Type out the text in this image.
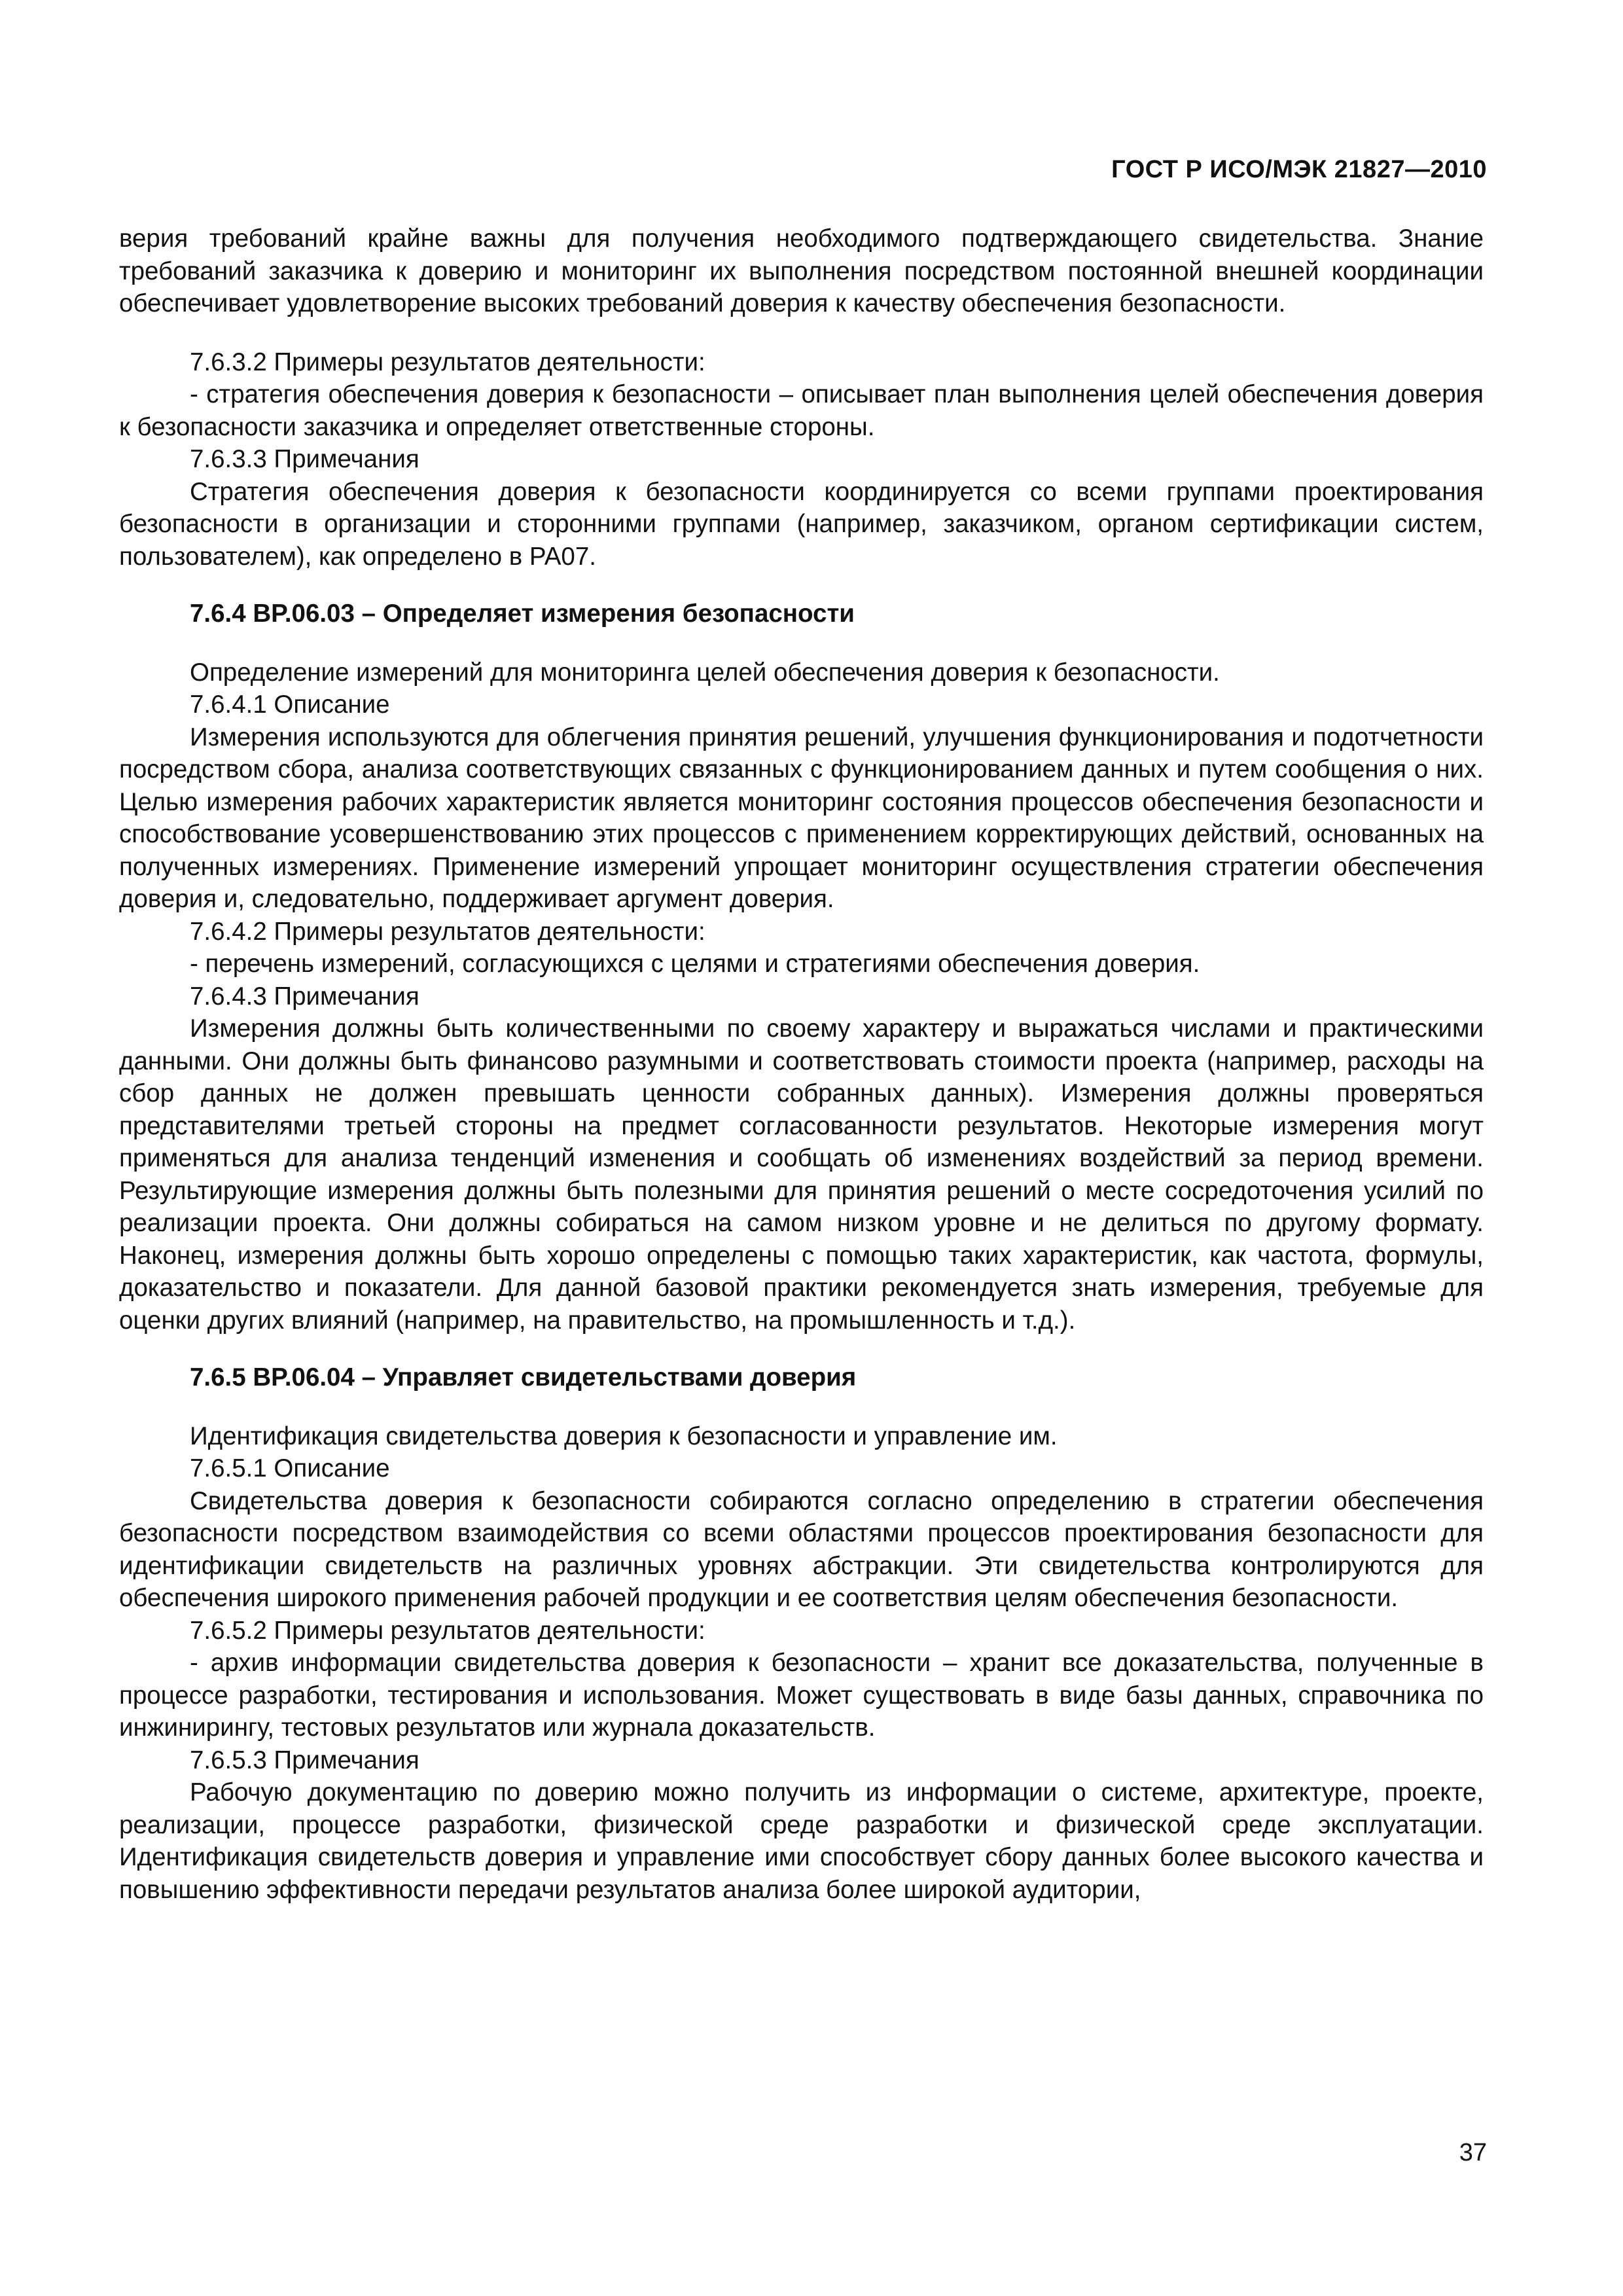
ГОСТ Р ИСО/МЭК 21827—2010

верия требований крайне важны для получения необходимого подтверждающего свидетельства. Знание требований заказчика к доверию и мониторинг их выполнения посредством постоянной внешней координации обеспечивает удовлетворение высоких требований доверия к качеству обеспечения безопасности.

7.6.3.2 Примеры результатов деятельности:

- стратегия обеспечения доверия к безопасности – описывает план выполнения целей обеспечения доверия к безопасности заказчика и определяет ответственные стороны.

7.6.3.3 Примечания

Стратегия обеспечения доверия к безопасности координируется со всеми группами проектирования безопасности в организации и сторонними группами (например, заказчиком, органом сертификации систем, пользователем), как определено в PA07.

7.6.4 BP.06.03 – Определяет измерения безопасности

Определение измерений для мониторинга целей обеспечения доверия к безопасности.

7.6.4.1 Описание

Измерения используются для облегчения принятия решений, улучшения функционирования и подотчетности посредством сбора, анализа соответствующих связанных с функционированием данных и путем сообщения о них. Целью измерения рабочих характеристик является мониторинг состояния процессов обеспечения безопасности и способствование усовершенствованию этих процессов с применением корректирующих действий, основанных на полученных измерениях. Применение измерений упрощает мониторинг осуществления стратегии обеспечения доверия и, следовательно, поддерживает аргумент доверия.

7.6.4.2 Примеры результатов деятельности:

- перечень измерений, согласующихся с целями и стратегиями обеспечения доверия.

7.6.4.3 Примечания

Измерения должны быть количественными по своему характеру и выражаться числами и практическими данными. Они должны быть финансово разумными и соответствовать стоимости проекта (например, расходы на сбор данных не должен превышать ценности собранных данных). Измерения должны проверяться представителями третьей стороны на предмет согласованности результатов. Некоторые измерения могут применяться для анализа тенденций изменения и сообщать об изменениях воздействий за период времени. Результирующие измерения должны быть полезными для принятия решений о месте сосредоточения усилий по реализации проекта. Они должны собираться на самом низком уровне и не делиться по другому формату. Наконец, измерения должны быть хорошо определены с помощью таких характеристик, как частота, формулы, доказательство и показатели. Для данной базовой практики рекомендуется знать измерения, требуемые для оценки других влияний (например, на правительство, на промышленность и т.д.).

7.6.5 BP.06.04 – Управляет свидетельствами доверия

Идентификация свидетельства доверия к безопасности и управление им.

7.6.5.1 Описание

Свидетельства доверия к безопасности собираются согласно определению в стратегии обеспечения безопасности посредством взаимодействия со всеми областями процессов проектирования безопасности для идентификации свидетельств на различных уровнях абстракции. Эти свидетельства контролируются для обеспечения широкого применения рабочей продукции и ее соответствия целям обеспечения безопасности.

7.6.5.2 Примеры результатов деятельности:

- архив информации свидетельства доверия к безопасности – хранит все доказательства, полученные в процессе разработки, тестирования и использования. Может существовать в виде базы данных, справочника по инжинирингу, тестовых результатов или журнала доказательств.

7.6.5.3 Примечания

Рабочую документацию по доверию можно получить из информации о системе, архитектуре, проекте, реализации, процессе разработки, физической среде разработки и физической среде эксплуатации. Идентификация свидетельств доверия и управление ими способствует сбору данных более высокого качества и повышению эффективности передачи результатов анализа более широкой аудитории,

37
